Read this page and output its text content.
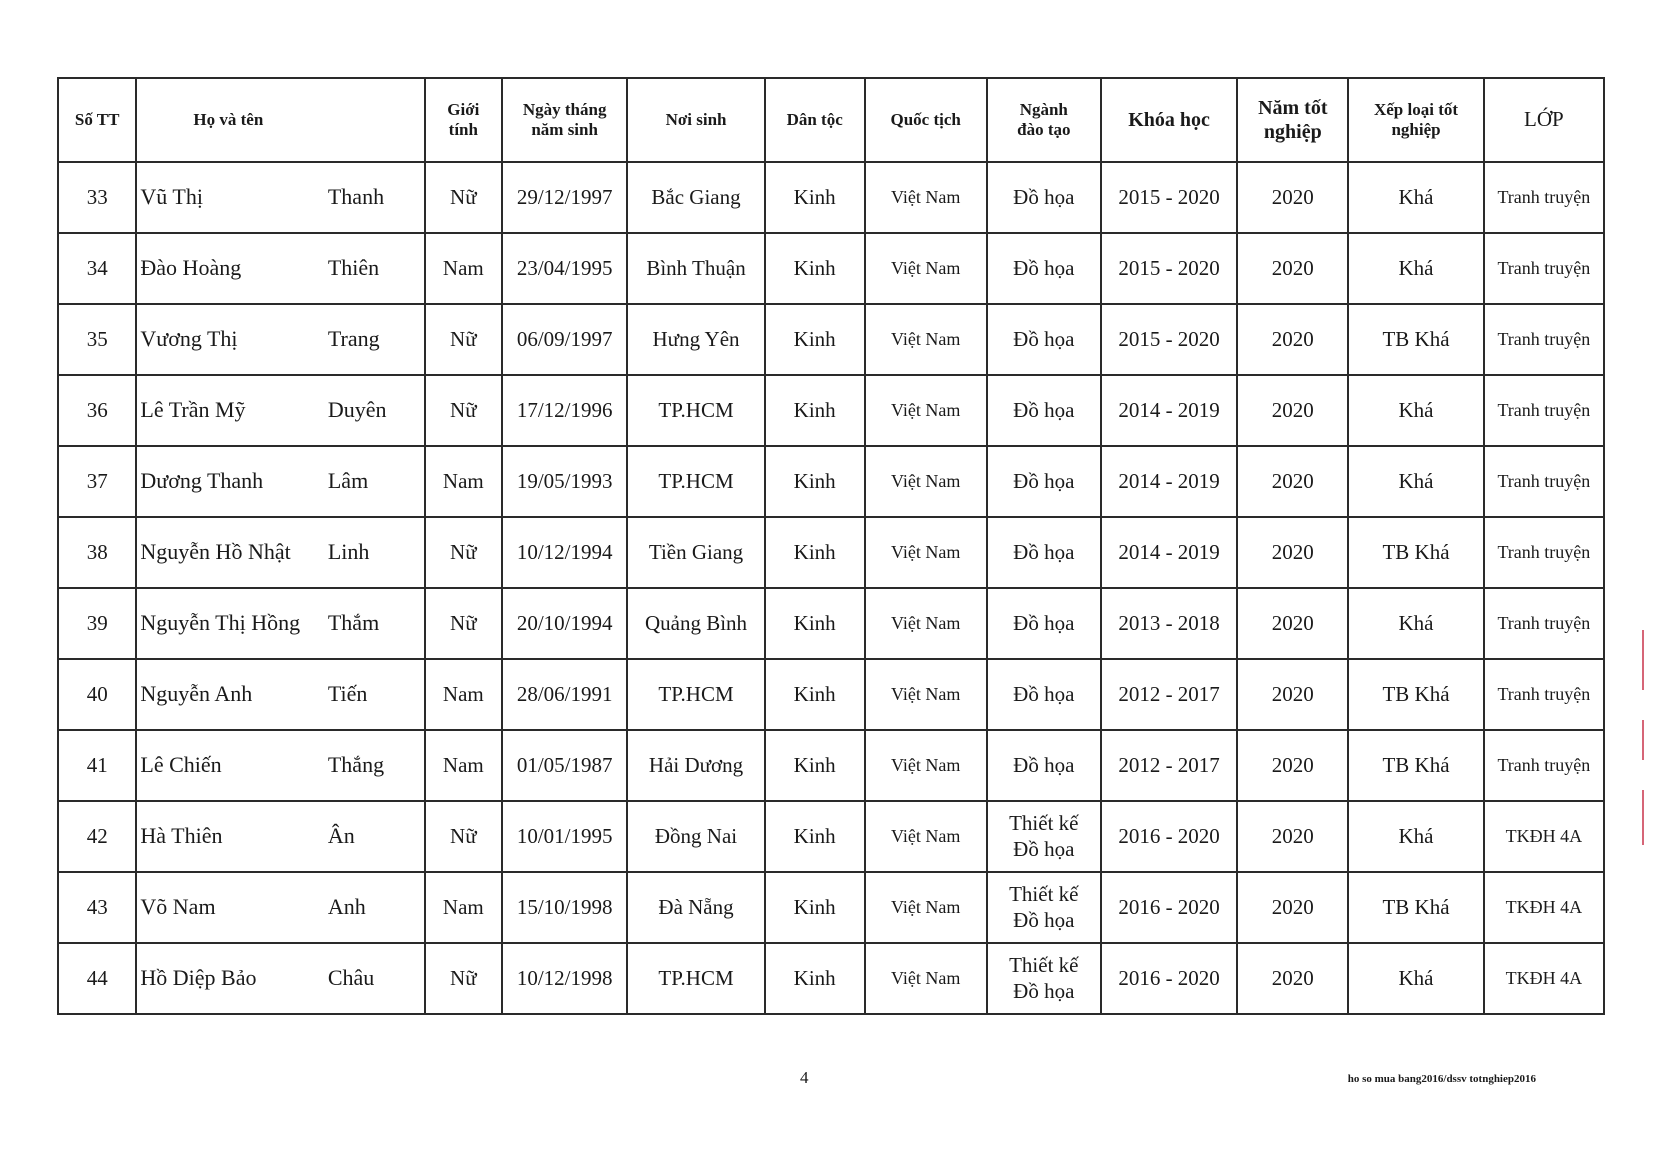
Số TT	Họ và tên		Giới
tính	Ngày tháng
năm sinh	Nơi sinh	Dân tộc	Quốc tịch	Ngành
đào tạo	Khóa học	Năm tốt
nghiệp	Xếp loại tốt
nghiệp	LỚP
33	Vũ Thị	Thanh	Nữ	29/12/1997	Bắc Giang	Kinh	Việt Nam	Đồ họa	2015 - 2020	2020	Khá	Tranh truyện
34	Đào Hoàng	Thiên	Nam	23/04/1995	Bình Thuận	Kinh	Việt Nam	Đồ họa	2015 - 2020	2020	Khá	Tranh truyện
35	Vương Thị	Trang	Nữ	06/09/1997	Hưng Yên	Kinh	Việt Nam	Đồ họa	2015 - 2020	2020	TB Khá	Tranh truyện
36	Lê Trần Mỹ	Duyên	Nữ	17/12/1996	TP.HCM	Kinh	Việt Nam	Đồ họa	2014 - 2019	2020	Khá	Tranh truyện
37	Dương Thanh	Lâm	Nam	19/05/1993	TP.HCM	Kinh	Việt Nam	Đồ họa	2014 - 2019	2020	Khá	Tranh truyện
38	Nguyễn Hồ Nhật	Linh	Nữ	10/12/1994	Tiền Giang	Kinh	Việt Nam	Đồ họa	2014 - 2019	2020	TB Khá	Tranh truyện
39	Nguyễn Thị Hồng	Thắm	Nữ	20/10/1994	Quảng Bình	Kinh	Việt Nam	Đồ họa	2013 - 2018	2020	Khá	Tranh truyện
40	Nguyễn Anh	Tiến	Nam	28/06/1991	TP.HCM	Kinh	Việt Nam	Đồ họa	2012 - 2017	2020	TB Khá	Tranh truyện
41	Lê Chiến	Thắng	Nam	01/05/1987	Hải Dương	Kinh	Việt Nam	Đồ họa	2012 - 2017	2020	TB Khá	Tranh truyện
42	Hà Thiên	Ân	Nữ	10/01/1995	Đồng Nai	Kinh	Việt Nam	Thiết kế
Đồ họa	2016 - 2020	2020	Khá	TKĐH 4A
43	Võ Nam	Anh	Nam	15/10/1998	Đà Nẵng	Kinh	Việt Nam	Thiết kế
Đồ họa	2016 - 2020	2020	TB Khá	TKĐH 4A
44	Hồ Diệp Bảo	Châu	Nữ	10/12/1998	TP.HCM	Kinh	Việt Nam	Thiết kế
Đồ họa	2016 - 2020	2020	Khá	TKĐH 4A
4	ho so mua bang2016/dssv totnghiep2016
